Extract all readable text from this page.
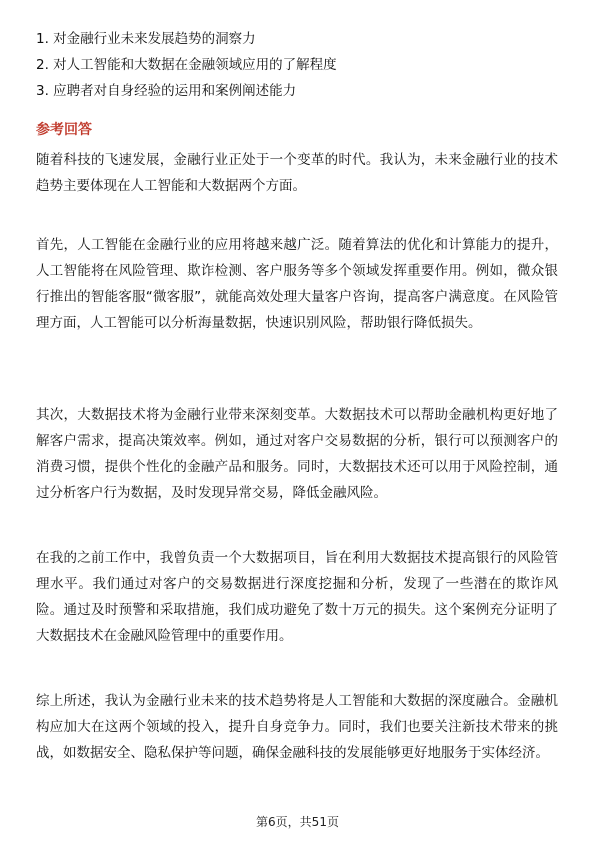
1. 对金融行业未来发展趋势的洞察力
2. 对人工智能和大数据在金融领域应用的了解程度
3. 应聘者对自身经验的运用和案例阐述能力
参考回答

随着科技的飞速发展，金融行业正处于一个变革的时代。我认为，未来金融行业的技术趋势主要体现在人工智能和大数据两个方面。

首先，人工智能在金融行业的应用将越来越广泛。随着算法的优化和计算能力的提升，人工智能将在风险管理、欺诈检测、客户服务等多个领域发挥重要作用。例如，微众银行推出的智能客服“微客服”，就能高效处理大量客户咨询，提高客户满意度。在风险管理方面，人工智能可以分析海量数据，快速识别风险，帮助银行降低损失。

其次，大数据技术将为金融行业带来深刻变革。大数据技术可以帮助金融机构更好地了解客户需求，提高决策效率。例如，通过对客户交易数据的分析，银行可以预测客户的消费习惯，提供个性化的金融产品和服务。同时，大数据技术还可以用于风险控制，通过分析客户行为数据，及时发现异常交易，降低金融风险。

在我的之前工作中，我曾负责一个大数据项目，旨在利用大数据技术提高银行的风险管理水平。我们通过对客户的交易数据进行深度挖掘和分析，发现了一些潜在的欺诈风险。通过及时预警和采取措施，我们成功避免了数十万元的损失。这个案例充分证明了大数据技术在金融风险管理中的重要作用。

综上所述，我认为金融行业未来的技术趋势将是人工智能和大数据的深度融合。金融机构应加大在这两个领域的投入，提升自身竞争力。同时，我们也要关注新技术带来的挑战，如数据安全、隐私保护等问题，确保金融科技的发展能够更好地服务于实体经济。

第6页，共51页
